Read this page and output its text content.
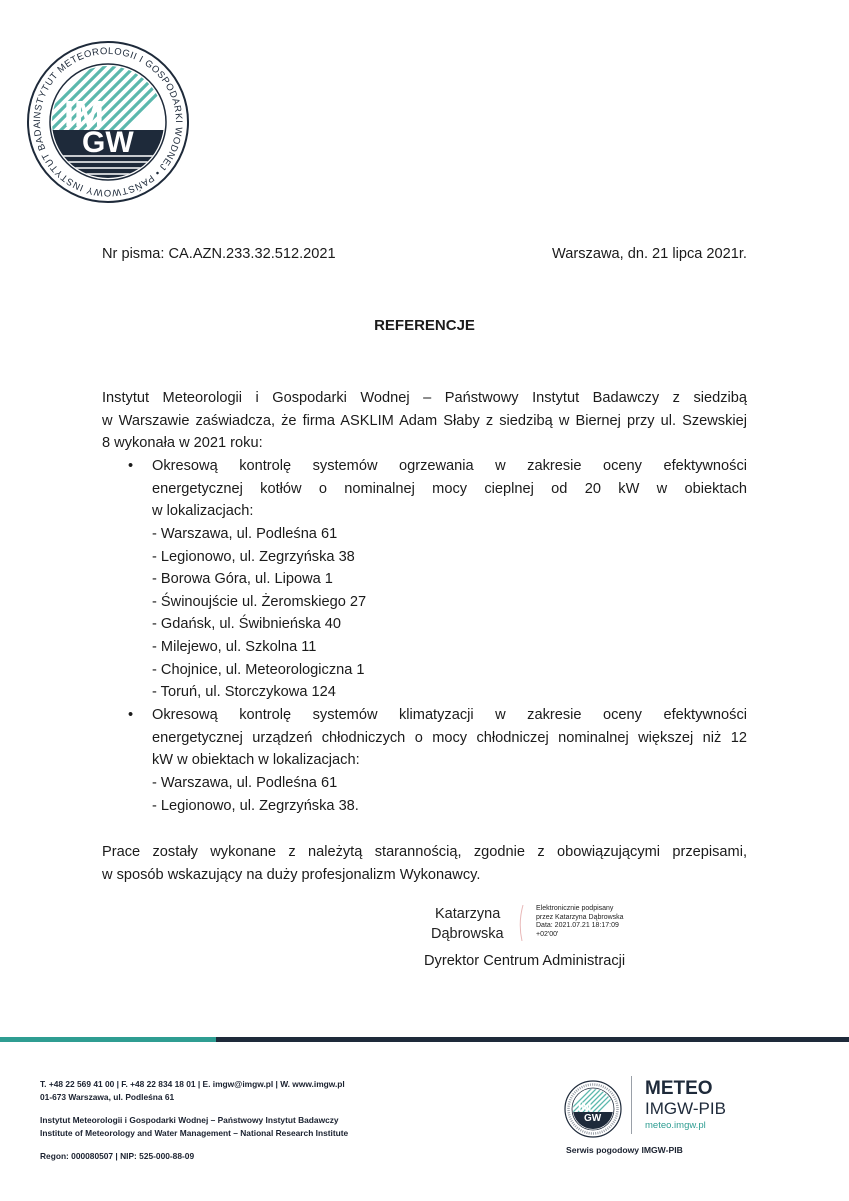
INSTYTUT METEOROLOGII I GOSPODARKI WODNEJ • PAŃSTWOWY INSTYTUT BADA IM
GW
Nr pisma: CA.AZN.233.32.512.2021	Warszawa, dn. 21 lipca 2021r.
REFERENCJE
Instytut Meteorologii i Gospodarki Wodnej – Państwowy Instytut Badawczy z siedzibą
w Warszawie zaświadcza, że firma ASKLIM Adam Słaby z siedzibą w Biernej przy ul. Szewskiej
8 wykonała w 2021 roku:
•	Okresową kontrolę systemów ogrzewania w zakresie oceny efektywności
energetycznej kotłów o nominalnej mocy cieplnej od 20 kW w obiektach
w lokalizacjach:
- Warszawa, ul. Podleśna 61
- Legionowo, ul. Zegrzyńska 38
- Borowa Góra, ul. Lipowa 1
- Świnoujście ul. Żeromskiego 27
- Gdańsk, ul. Świbnieńska 40
- Milejewo, ul. Szkolna 11
- Chojnice, ul. Meteorologiczna 1
- Toruń, ul. Storczykowa 124
•	Okresową kontrolę systemów klimatyzacji w zakresie oceny efektywności
energetycznej urządzeń chłodniczych o mocy chłodniczej nominalnej większej niż 12
kW w obiektach w lokalizacjach:
- Warszawa, ul. Podleśna 61
- Legionowo, ul. Zegrzyńska 38.
Prace zostały wykonane z należytą starannością, zgodnie z obowiązującymi przepisami,
w sposób wskazujący na duży profesjonalizm Wykonawcy.
Katarzyna
Dąbrowska
Elektronicznie podpisany
przez Katarzyna Dąbrowska
Data: 2021.07.21 18:17:09
+02'00'
Dyrektor Centrum Administracji
T. +48 22 569 41 00 | F. +48 22 834 18 01 | E. imgw@imgw.pl | W. www.imgw.pl
01-673 Warszawa, ul. Podleśna 61
Instytut Meteorologii i Gospodarki Wodnej – Państwowy Instytut Badawczy
Institute of Meteorology and Water Management – National Research Institute
Regon: 000080507 | NIP: 525-000-88-09
IM
GW
METEO
IMGW-PIB
meteo.imgw.pl
Serwis pogodowy IMGW-PIB
